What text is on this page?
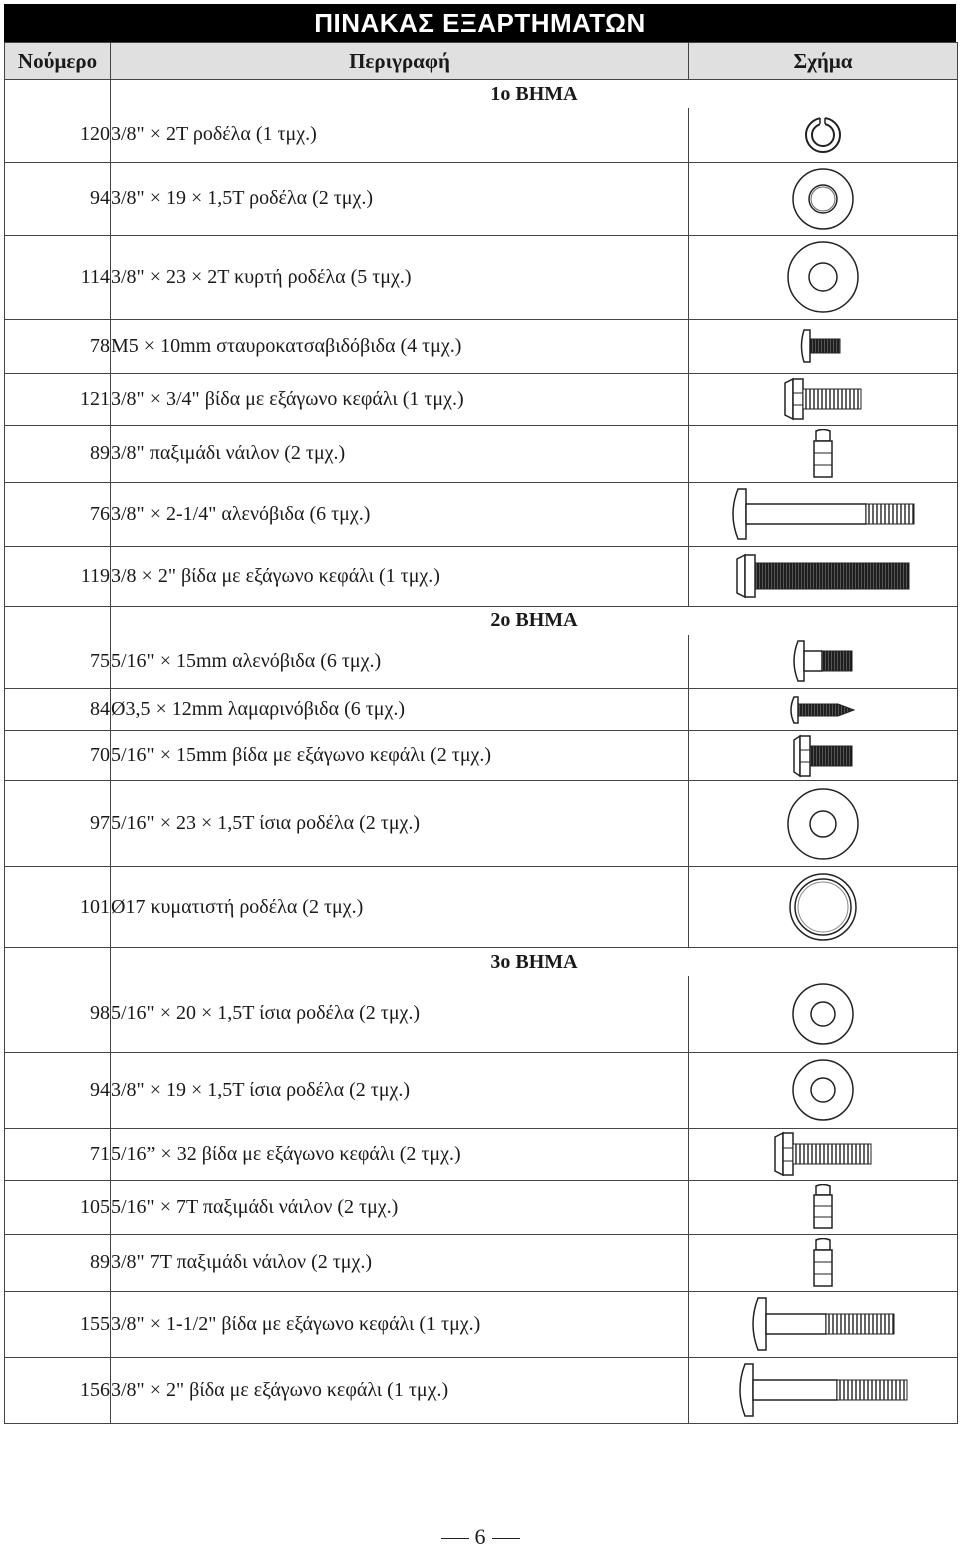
ΠΙΝΑΚΑΣ ΕΞΑΡΤΗΜΑΤΩΝ
Νούμερο	Περιγραφή	Σχήμα
	1ο ΒΗΜΑ	
120	3/8" × 2T ροδέλα (1 τμχ.)	

94	3/8" × 19 × 1,5T ροδέλα (2 τμχ.)	

114	3/8" × 23 × 2T κυρτή ροδέλα (5 τμχ.)	

78	M5 × 10mm σταυροκατσαβιδόβιδα (4 τμχ.)	

121	3/8" × 3/4" βίδα με εξάγωνο κεφάλι (1 τμχ.)	

89	3/8" παξιμάδι νάιλον (2 τμχ.)	

76	3/8" × 2-1/4" αλενόβιδα (6 τμχ.)	

119	3/8 × 2" βίδα με εξάγωνο κεφάλι (1 τμχ.)	

	2ο ΒΗΜΑ	
75	5/16" × 15mm αλενόβιδα (6 τμχ.)	

84	Ø3,5 × 12mm λαμαρινόβιδα (6 τμχ.)	

70	5/16" × 15mm βίδα με εξάγωνο κεφάλι (2 τμχ.)	

97	5/16" × 23 × 1,5T ίσια ροδέλα (2 τμχ.)	

101	Ø17 κυματιστή ροδέλα (2 τμχ.)	

	3ο ΒΗΜΑ	
98	5/16" × 20 × 1,5T ίσια ροδέλα (2 τμχ.)	

94	3/8" × 19 × 1,5T ίσια ροδέλα (2 τμχ.)	

71	5/16” × 32 βίδα με εξάγωνο κεφάλι (2 τμχ.)	

105	5/16" × 7T παξιμάδι νάιλον (2 τμχ.)	

89	3/8" 7T παξιμάδι νάιλον (2 τμχ.)	

155	3/8" × 1-1/2" βίδα με εξάγωνο κεφάλι (1 τμχ.)	

156	3/8" × 2" βίδα με εξάγωνο κεφάλι (1 τμχ.)	
6
